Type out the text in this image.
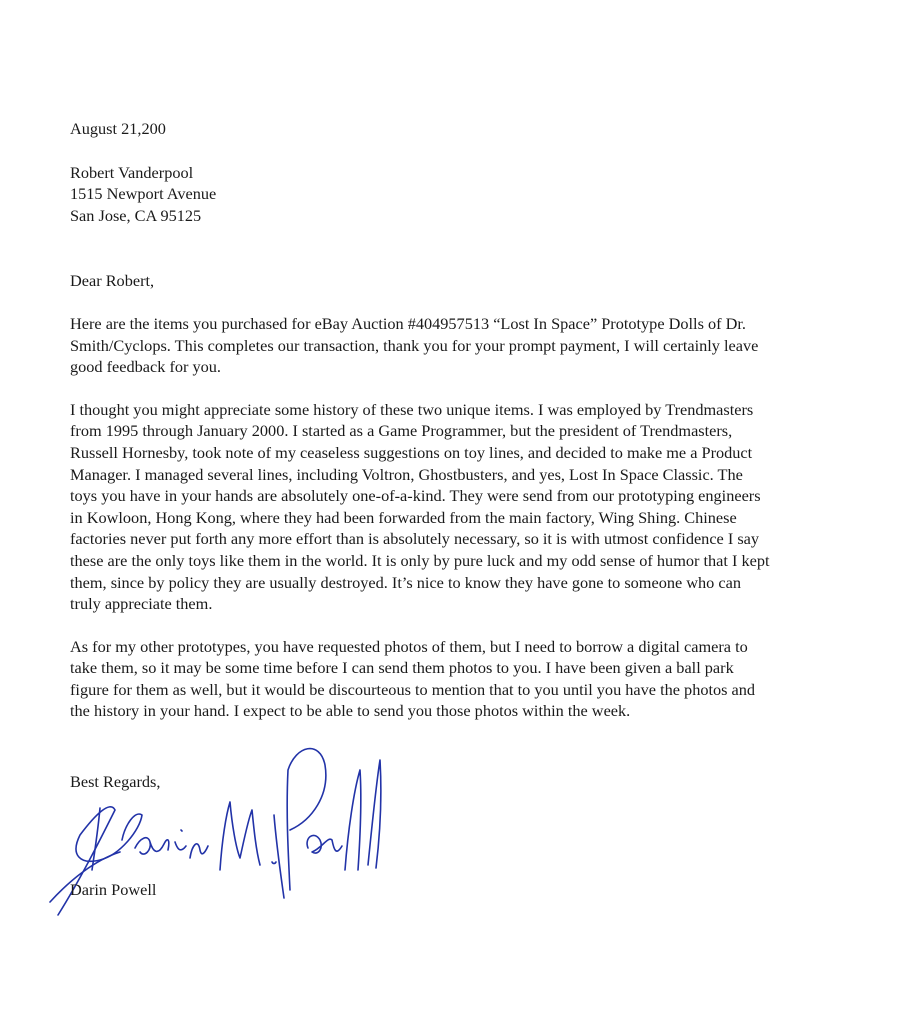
August 21,200
Robert Vanderpool
1515 Newport Avenue
San Jose, CA 95125
Dear Robert,
Here are the items you purchased for eBay Auction #404957513 “Lost In Space” Prototype Dolls of Dr.
Smith/Cyclops. This completes our transaction, thank you for your prompt payment, I will certainly leave
good feedback for you.
I thought you might appreciate some history of these two unique items. I was employed by Trendmasters
from 1995 through January 2000. I started as a Game Programmer, but the president of Trendmasters,
Russell Hornesby, took note of my ceaseless suggestions on toy lines, and decided to make me a Product
Manager. I managed several lines, including Voltron, Ghostbusters, and yes, Lost In Space Classic. The
toys you have in your hands are absolutely one-of-a-kind. They were send from our prototyping engineers
in Kowloon, Hong Kong, where they had been forwarded from the main factory, Wing Shing. Chinese
factories never put forth any more effort than is absolutely necessary, so it is with utmost confidence I say
these are the only toys like them in the world. It is only by pure luck and my odd sense of humor that I kept
them, since by policy they are usually destroyed. It’s nice to know they have gone to someone who can
truly appreciate them.
As for my other prototypes, you have requested photos of them, but I need to borrow a digital camera to
take them, so it may be some time before I can send them photos to you. I have been given a ball park
figure for them as well, but it would be discourteous to mention that to you until you have the photos and
the history in your hand. I expect to be able to send you those photos within the week.
Best Regards,
Darin Powell
